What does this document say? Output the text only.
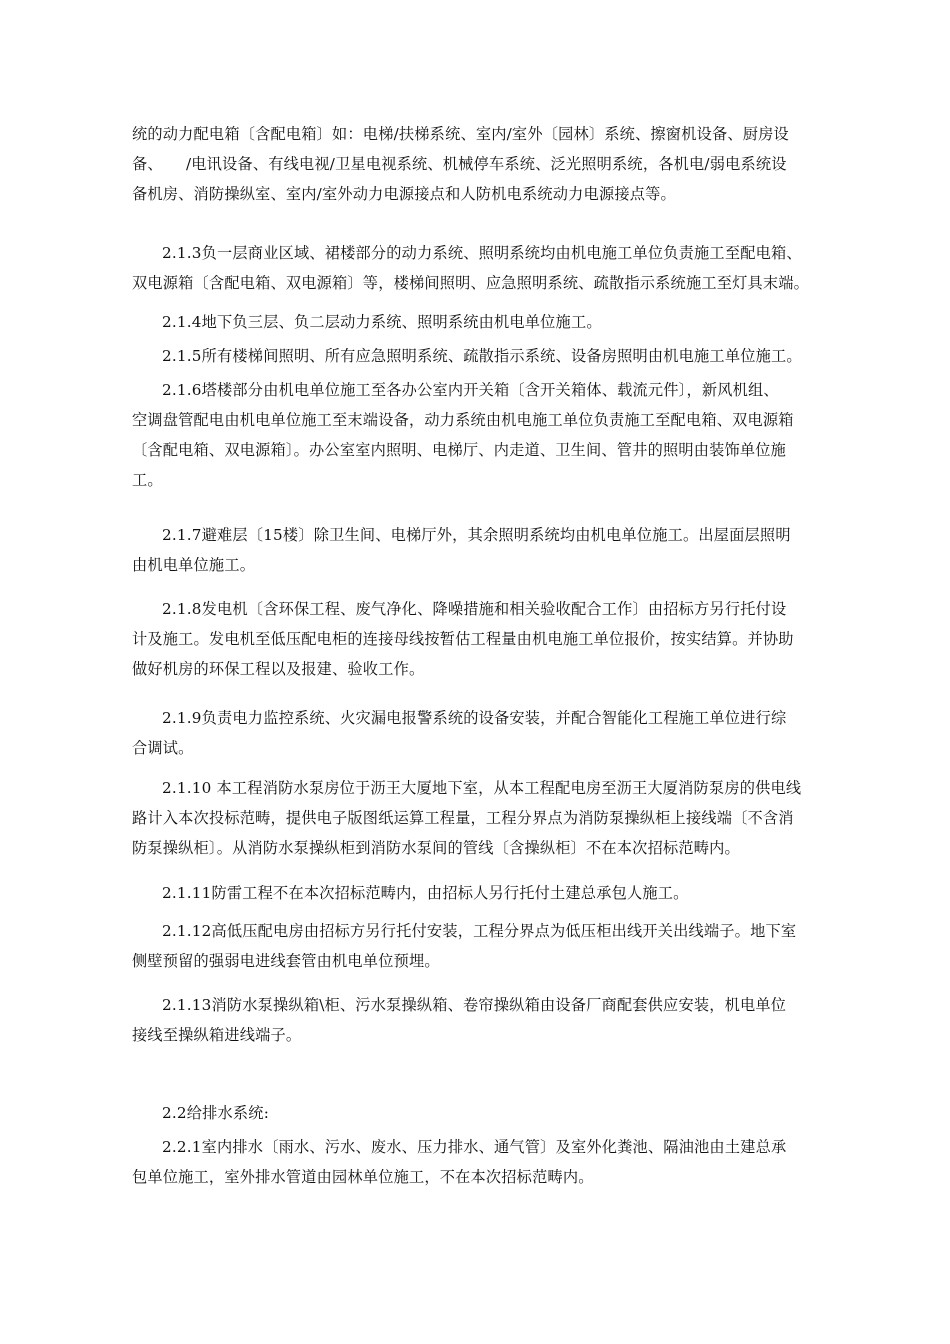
统的动力配电箱〔含配电箱〕如：电梯/扶梯系统、室内/室外〔园林〕系统、擦窗机设备、厨房设
备、　　/电讯设备、有线电视/卫星电视系统、机械停车系统、泛光照明系统，各机电/弱电系统设
备机房、消防操纵室、室内/室外动力电源接点和人防机电系统动力电源接点等。
2.1.3负一层商业区域、裙楼部分的动力系统、照明系统均由机电施工单位负责施工至配电箱、
双电源箱〔含配电箱、双电源箱〕等，楼梯间照明、应急照明系统、疏散指示系统施工至灯具末端。
2.1.4地下负三层、负二层动力系统、照明系统由机电单位施工。
2.1.5所有楼梯间照明、所有应急照明系统、疏散指示系统、设备房照明由机电施工单位施工。
2.1.6塔楼部分由机电单位施工至各办公室内开关箱〔含开关箱体、载流元件〕，新风机组、
空调盘管配电由机电单位施工至末端设备，动力系统由机电施工单位负责施工至配电箱、双电源箱
〔含配电箱、双电源箱〕。办公室室内照明、电梯厅、内走道、卫生间、管井的照明由装饰单位施
工。
2.1.7避难层〔15楼〕除卫生间、电梯厅外，其余照明系统均由机电单位施工。出屋面层照明
由机电单位施工。
2.1.8发电机〔含环保工程、废气净化、降噪措施和相关验收配合工作〕由招标方另行托付设
计及施工。发电机至低压配电柜的连接母线按暂估工程量由机电施工单位报价，按实结算。并协助
做好机房的环保工程以及报建、验收工作。
2.1.9负责电力监控系统、火灾漏电报警系统的设备安装，并配合智能化工程施工单位进行综
合调试。
2.1.10 本工程消防水泵房位于沥王大厦地下室，从本工程配电房至沥王大厦消防泵房的供电线
路计入本次投标范畴，提供电子版图纸运算工程量，工程分界点为消防泵操纵柜上接线端〔不含消
防泵操纵柜〕。从消防水泵操纵柜到消防水泵间的管线〔含操纵柜〕不在本次招标范畴内。
2.1.11防雷工程不在本次招标范畴内，由招标人另行托付土建总承包人施工。
2.1.12高低压配电房由招标方另行托付安装，工程分界点为低压柜出线开关出线端子。地下室
侧壁预留的强弱电进线套管由机电单位预埋。
2.1.13消防水泵操纵箱\柜、污水泵操纵箱、卷帘操纵箱由设备厂商配套供应安装，机电单位
接线至操纵箱进线端子。
2.2给排水系统:
2.2.1室内排水〔雨水、污水、废水、压力排水、通气管〕及室外化粪池、隔油池由土建总承
包单位施工，室外排水管道由园林单位施工，不在本次招标范畴内。
